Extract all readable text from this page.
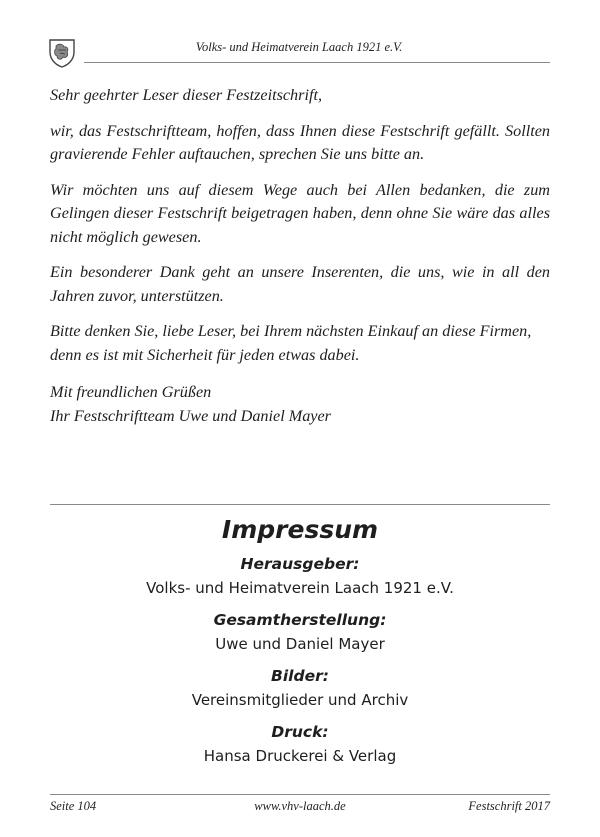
Volks- und Heimatverein Laach 1921 e.V.

Sehr geehrter Leser dieser Festzeitschrift,

wir, das Festschriftteam, hoffen, dass Ihnen diese Festschrift gefällt. Sollten gravierende Fehler auftauchen, sprechen Sie uns bitte an.

Wir möchten uns auf diesem Wege auch bei Allen bedanken, die zum Gelingen dieser Festschrift beigetragen haben, denn ohne Sie wäre das alles nicht möglich gewesen.

Ein besonderer Dank geht an unsere Inserenten, die uns, wie in all den Jahren zuvor, unterstützen.

Bitte denken Sie, liebe Leser, bei Ihrem nächsten Einkauf an diese Firmen, denn es ist mit Sicherheit für jeden etwas dabei.

Mit freundlichen Grüßen
Ihr Festschriftteam Uwe und Daniel Mayer

Impressum
Herausgeber:
Volks- und Heimatverein Laach 1921 e.V.
Gesamtherstellung:
Uwe und Daniel Mayer
Bilder:
Vereinsmitglieder und Archiv
Druck:
Hansa Druckerei & Verlag
Seite 104	www.vhv-laach.de	Festschrift 2017
